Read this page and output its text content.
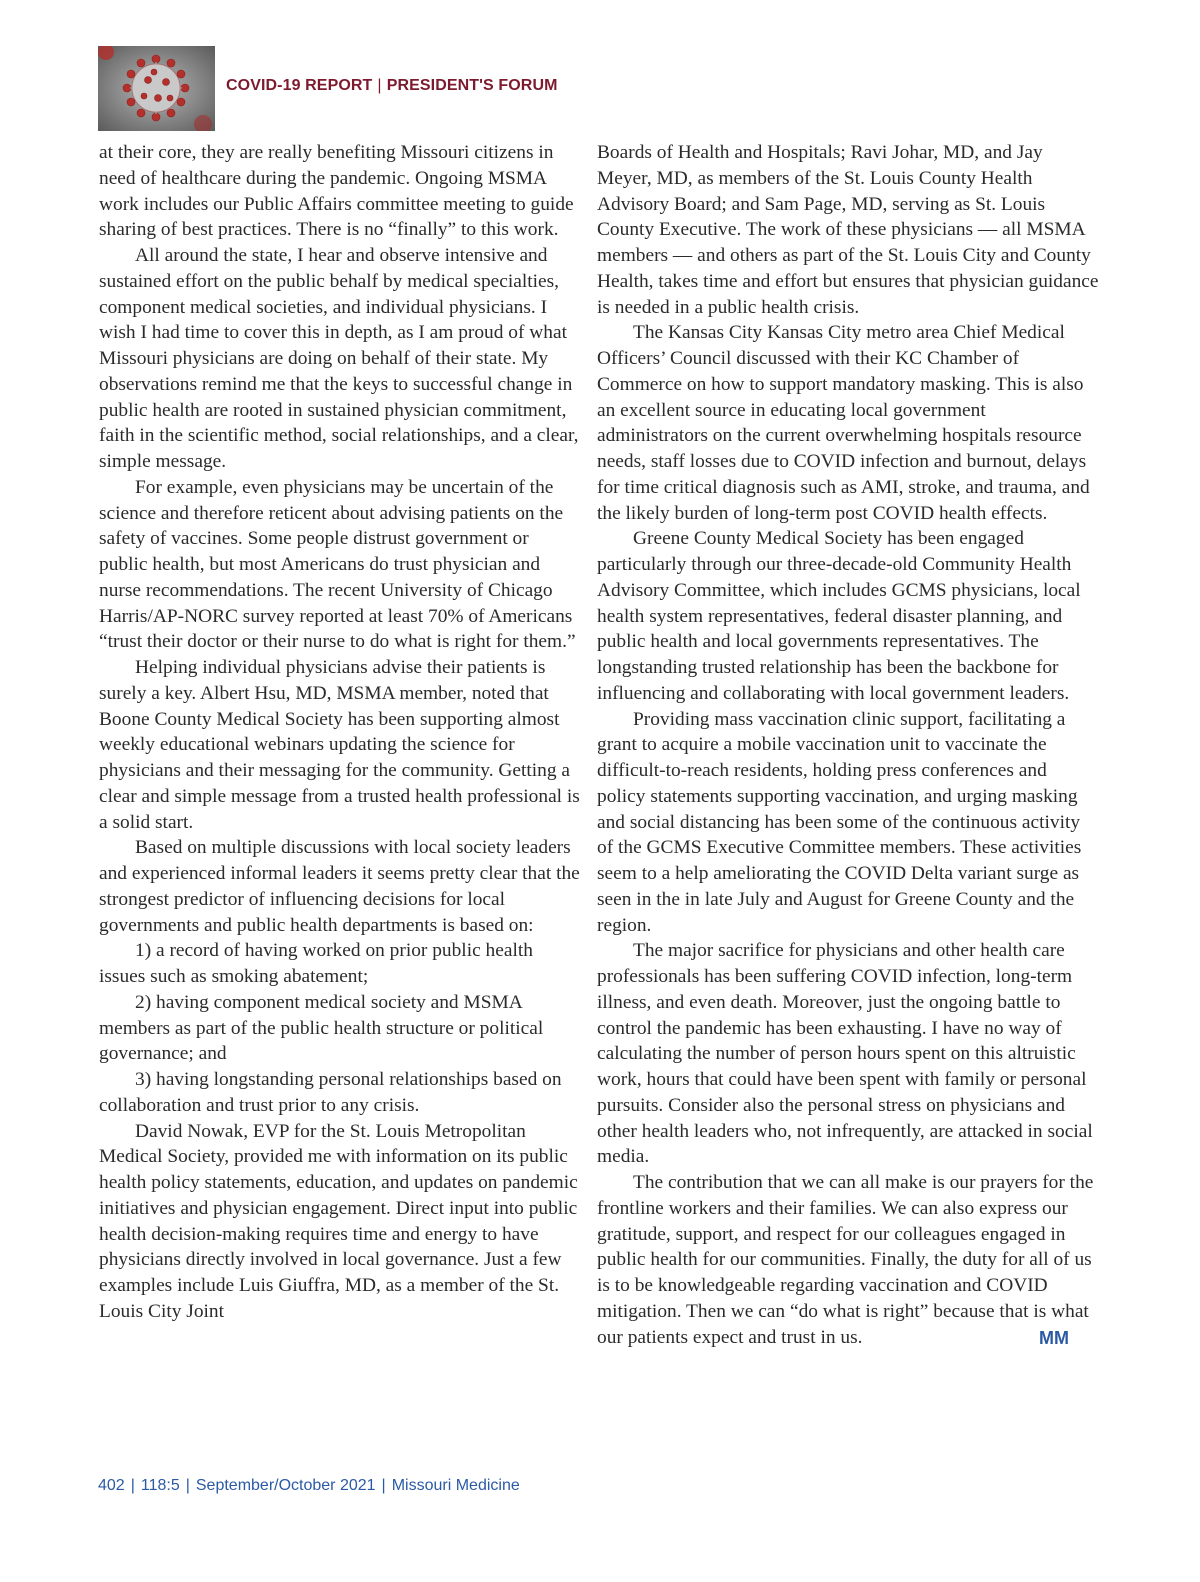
COVID-19 REPORT | PRESIDENT'S FORUM

at their core, they are really benefiting Missouri citizens in need of healthcare during the pandemic. Ongoing MSMA work includes our Public Affairs committee meeting to guide sharing of best practices. There is no “finally” to this work.

All around the state, I hear and observe intensive and sustained effort on the public behalf by medical specialties, component medical societies, and individual physicians. I wish I had time to cover this in depth, as I am proud of what Missouri physicians are doing on behalf of their state. My observations remind me that the keys to successful change in public health are rooted in sustained physician commitment, faith in the scientific method, social relationships, and a clear, simple message.

For example, even physicians may be uncertain of the science and therefore reticent about advising patients on the safety of vaccines. Some people distrust government or public health, but most Americans do trust physician and nurse recommendations. The recent University of Chicago Harris/AP-NORC survey reported at least 70% of Americans “trust their doctor or their nurse to do what is right for them.”

Helping individual physicians advise their patients is surely a key. Albert Hsu, MD, MSMA member, noted that Boone County Medical Society has been supporting almost weekly educational webinars updating the science for physicians and their messaging for the community. Getting a clear and simple message from a trusted health professional is a solid start.

Based on multiple discussions with local society leaders and experienced informal leaders it seems pretty clear that the strongest predictor of influencing decisions for local governments and public health departments is based on:

1) a record of having worked on prior public health issues such as smoking abatement;

2) having component medical society and MSMA members as part of the public health structure or political governance; and

3) having longstanding personal relationships based on collaboration and trust prior to any crisis.

David Nowak, EVP for the St. Louis Metropolitan Medical Society, provided me with information on its public health policy statements, education, and updates on pandemic initiatives and physician engagement. Direct input into public health decision-making requires time and energy to have physicians directly involved in local governance. Just a few examples include Luis Giuffra, MD, as a member of the St. Louis City Joint

Boards of Health and Hospitals; Ravi Johar, MD, and Jay Meyer, MD, as members of the St. Louis County Health Advisory Board; and Sam Page, MD, serving as St. Louis County Executive. The work of these physicians — all MSMA members — and others as part of the St. Louis City and County Health, takes time and effort but ensures that physician guidance is needed in a public health crisis.

The Kansas City Kansas City metro area Chief Medical Officers’ Council discussed with their KC Chamber of Commerce on how to support mandatory masking. This is also an excellent source in educating local government administrators on the current overwhelming hospitals resource needs, staff losses due to COVID infection and burnout, delays for time critical diagnosis such as AMI, stroke, and trauma, and the likely burden of long-term post COVID health effects.

Greene County Medical Society has been engaged particularly through our three-decade-old Community Health Advisory Committee, which includes GCMS physicians, local health system representatives, federal disaster planning, and public health and local governments representatives. The longstanding trusted relationship has been the backbone for influencing and collaborating with local government leaders.

Providing mass vaccination clinic support, facilitating a grant to acquire a mobile vaccination unit to vaccinate the difficult-to-reach residents, holding press conferences and policy statements supporting vaccination, and urging masking and social distancing has been some of the continuous activity of the GCMS Executive Committee members. These activities seem to a help ameliorating the COVID Delta variant surge as seen in the in late July and August for Greene County and the region.

The major sacrifice for physicians and other health care professionals has been suffering COVID infection, long-term illness, and even death. Moreover, just the ongoing battle to control the pandemic has been exhausting. I have no way of calculating the number of person hours spent on this altruistic work, hours that could have been spent with family or personal pursuits. Consider also the personal stress on physicians and other health leaders who, not infrequently, are attacked in social media.

The contribution that we can all make is our prayers for the frontline workers and their families. We can also express our gratitude, support, and respect for our colleagues engaged in public health for our communities. Finally, the duty for all of us is to be knowledgeable regarding vaccination and COVID mitigation. Then we can “do what is right” because that is what our patients expect and trust in us.	MM

402 | 118:5 | September/October 2021 | Missouri Medicine
